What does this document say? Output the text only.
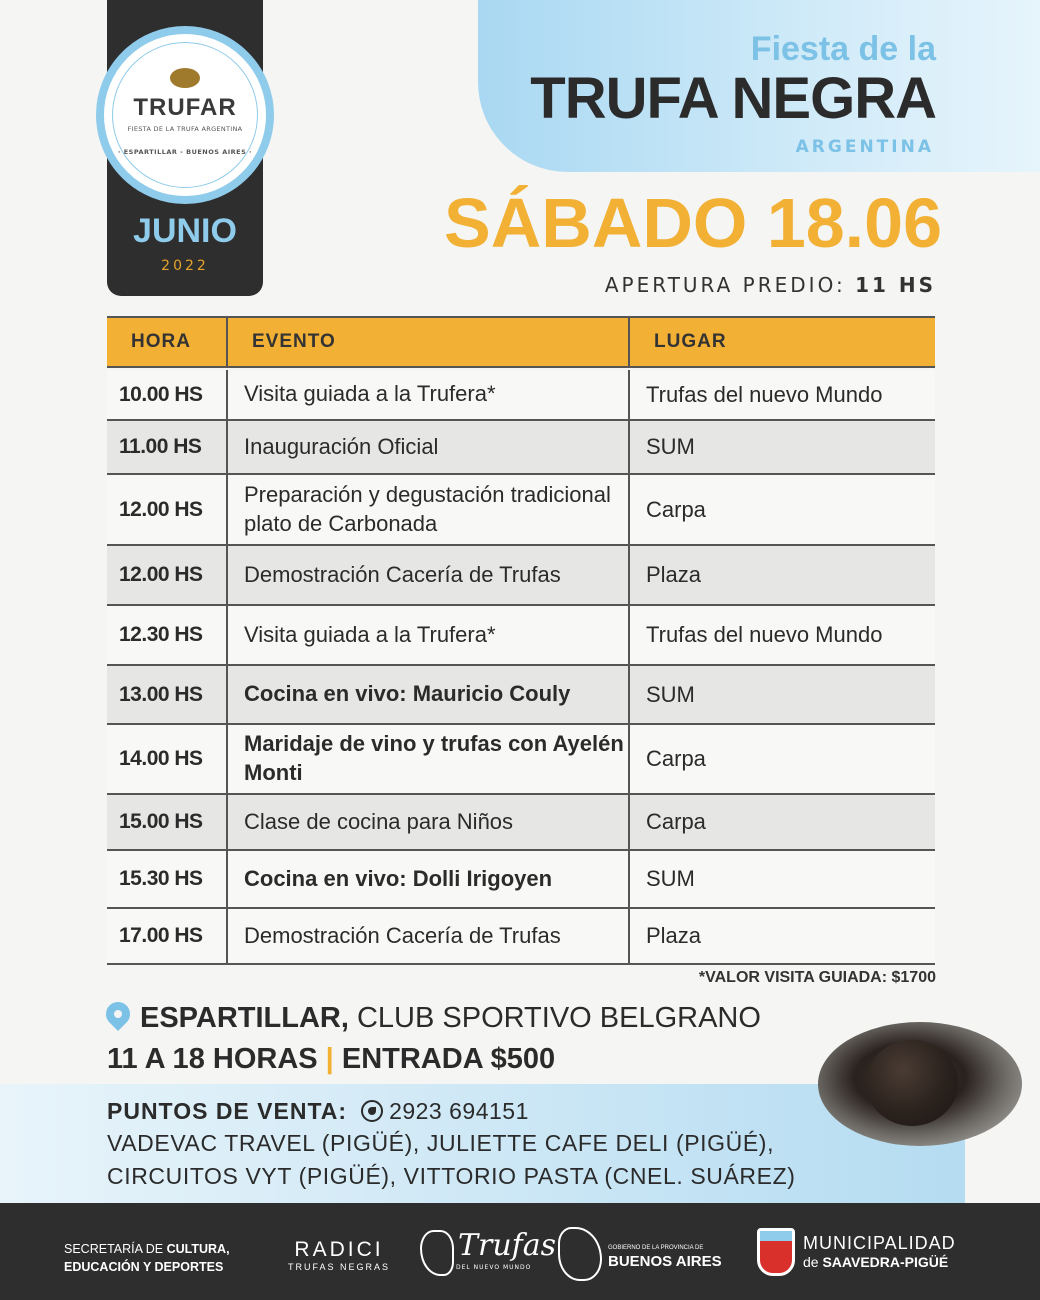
TRUFAR
FIESTA DE LA TRUFA ARGENTINA
· ESPARTILLAR - BUENOS AIRES ·
JUNIO
2022
Fiesta de la
TRUFA NEGRA
ARGENTINA
SÁBADO 18.06
APERTURA PREDIO: 11 HS
HORA	EVENTO	LUGAR

10.00 HS	Visita guiada a la Trufera*	Trufas del nuevo Mundo
11.00 HS	Inauguración Oficial	SUM
12.00 HS	Preparación y degustación tradicional plato de Carbonada	Carpa
12.00 HS	Demostración Cacería de Trufas	Plaza
12.30 HS	Visita guiada a la Trufera*	Trufas del nuevo Mundo
13.00 HS	Cocina en vivo: Mauricio Couly	SUM
14.00 HS	Maridaje de vino y trufas con Ayelén Monti	Carpa
15.00 HS	Clase de cocina para Niños	Carpa
15.30 HS	Cocina en vivo: Dolli Irigoyen	SUM
17.00 HS	Demostración Cacería de Trufas	Plaza
*VALOR VISITA GUIADA: $1700
ESPARTILLAR, CLUB SPORTIVO BELGRANO
11 A 18 HORAS | ENTRADA $500
PUNTOS DE VENTA: 2923 694151
VADEVAC TRAVEL (PIGÜÉ), JULIETTE CAFE DELI (PIGÜÉ),
CIRCUITOS VYT (PIGÜÉ), VITTORIO PASTA (CNEL. SUÁREZ)
SECRETARÍA DE CULTURA,
EDUCACIÓN Y DEPORTES
RADICI
TRUFAS NEGRAS
Trufas
DEL NUEVO MUNDO
GOBIERNO DE LA PROVINCIA DE
BUENOS AIRES
MUNICIPALIDAD
de SAAVEDRA-PIGÜÉ
